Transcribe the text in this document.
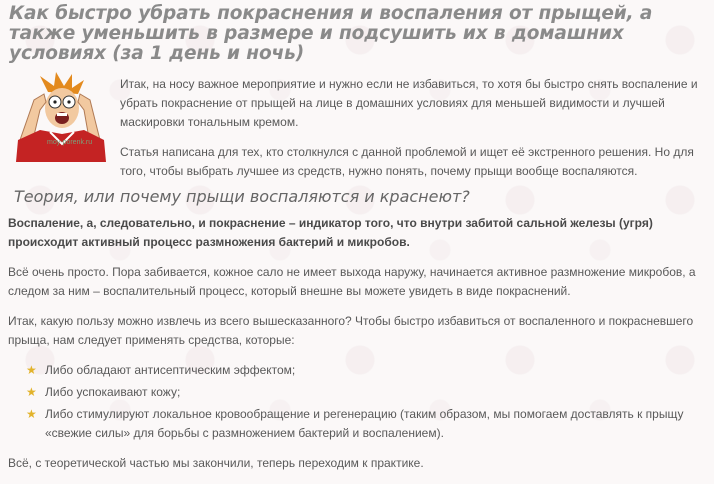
Как быстро убрать покраснения и воспаления от прыщей, а также уменьшить в размере и подсушить их в домашних условиях (за 1 день и ночь)
moy-porenk.ru

Итак, на носу важное мероприятие и нужно если не избавиться, то хотя бы быстро снять воспаление и убрать покраснение от прыщей на лице в домашних условиях для меньшей видимости и лучшей маскировки тональным кремом.

Статья написана для тех, кто столкнулся с данной проблемой и ищет её экстренного решения. Но для того, чтобы выбрать лучшее из средств, нужно понять, почему прыщи вообще воспаляются.

Теория, или почему прыщи воспаляются и краснеют?

Воспаление, а, следовательно, и покраснение – индикатор того, что внутри забитой сальной железы (угря) происходит активный процесс размножения бактерий и микробов.

Всё очень просто. Пора забивается, кожное сало не имеет выхода наружу, начинается активное размножение микробов, а следом за ним – воспалительный процесс, который внешне вы можете увидеть в виде покраснений.

Итак, какую пользу можно извлечь из всего вышесказанного? Чтобы быстро избавиться от воспаленного и покрасневшего прыща, нам следует применять средства, которые:

★ Либо обладают антисептическим эффектом;
★ Либо успокаивают кожу;
★ Либо стимулируют локальное кровообращение и регенерацию (таким образом, мы помогаем доставлять к прыщу «свежие силы» для борьбы с размножением бактерий и воспалением).

Всё, с теоретической частью мы закончили, теперь переходим к практике.
